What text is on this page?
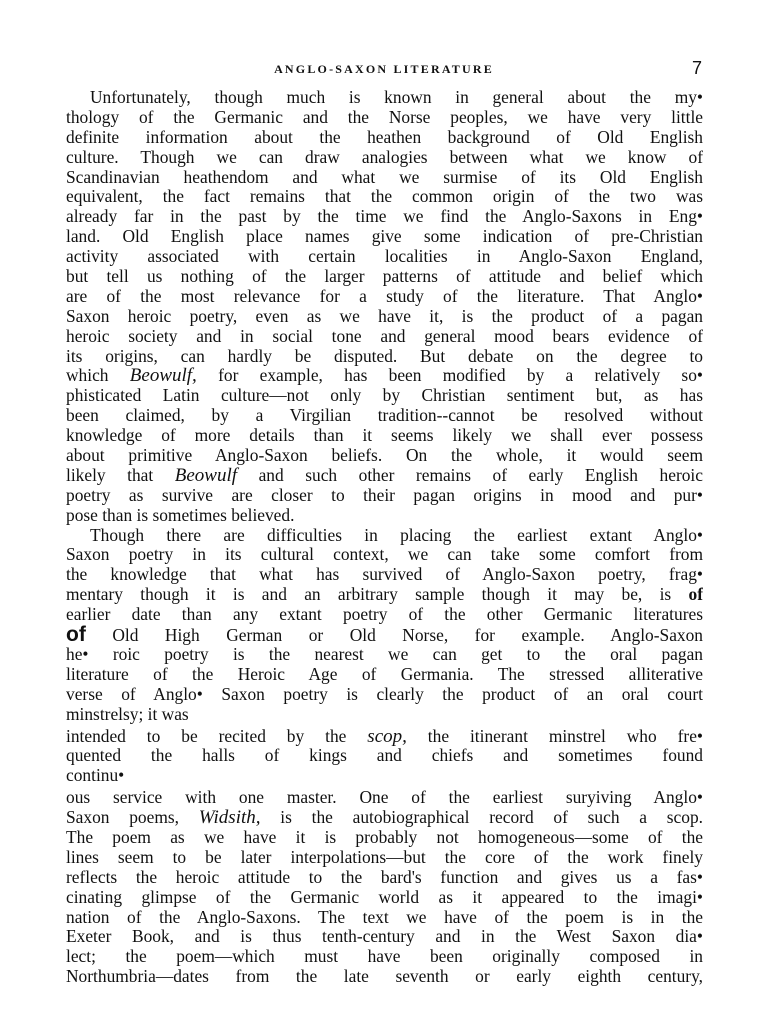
ANGLO-SAXON LITERATURE	7
Unfortunately, though much is known in general about the my•
thology of the Germanic and the Norse peoples, we have very little
definite information about the heathen background of Old English
culture. Though we can draw analogies between what we know of
Scandinavian heathendom and what we surmise of its Old English
equivalent, the fact remains that the common origin of the two was
already far in the past by the time we find the Anglo-Saxons in Eng•
land. Old English place names give some indication of pre-Christian
activity associated with certain localities in Anglo-Saxon England,
but tell us nothing of the larger patterns of attitude and belief which
are of the most relevance for a study of the literature. That Anglo•
Saxon heroic poetry, even as we have it, is the product of a pagan
heroic society and in social tone and general mood bears evidence of
its origins, can hardly be disputed. But debate on the degree to
which Beowulf, for example, has been modified by a relatively so•
phisticated Latin culture—not only by Christian sentiment but, as has
been claimed, by a Virgilian tradition--cannot be resolved without
knowledge of more details than it seems likely we shall ever possess
about primitive Anglo-Saxon beliefs. On the whole, it would seem
likely that Beowulf and such other remains of early English heroic
poetry as survive are closer to their pagan origins in mood and pur•
pose than is sometimes believed.
Though there are difficulties in placing the earliest extant Anglo•
Saxon poetry in its cultural context, we can take some comfort from
the knowledge that what has survived of Anglo-Saxon poetry, frag•
mentary though it is and an arbitrary sample though it may be, is of
earlier date than any extant poetry of the other Germanic literatures
of Old High German or Old Norse, for example. Anglo-Saxon
he• roic poetry is the nearest we can get to the oral pagan
literature of the Heroic Age of Germania. The stressed alliterative
verse of Anglo• Saxon poetry is clearly the product of an oral court
minstrelsy; it was
intended to be recited by the scop, the itinerant minstrel who fre•
quented the halls of kings and chiefs and sometimes found
continu•
ous service with one master. One of the earliest suryiving Anglo•
Saxon poems, Widsith, is the autobiographical record of such a scop.
The poem as we have it is probably not homogeneous—some of the
lines seem to be later interpolations—but the core of the work finely
reflects the heroic attitude to the bard's function and gives us a fas•
cinating glimpse of the Germanic world as it appeared to the imagi•
nation of the Anglo-Saxons. The text we have of the poem is in the
Exeter Book, and is thus tenth-century and in the West Saxon dia•
lect; the poem—which must have been originally composed in
Northumbria—dates from the late seventh or early eighth century,
